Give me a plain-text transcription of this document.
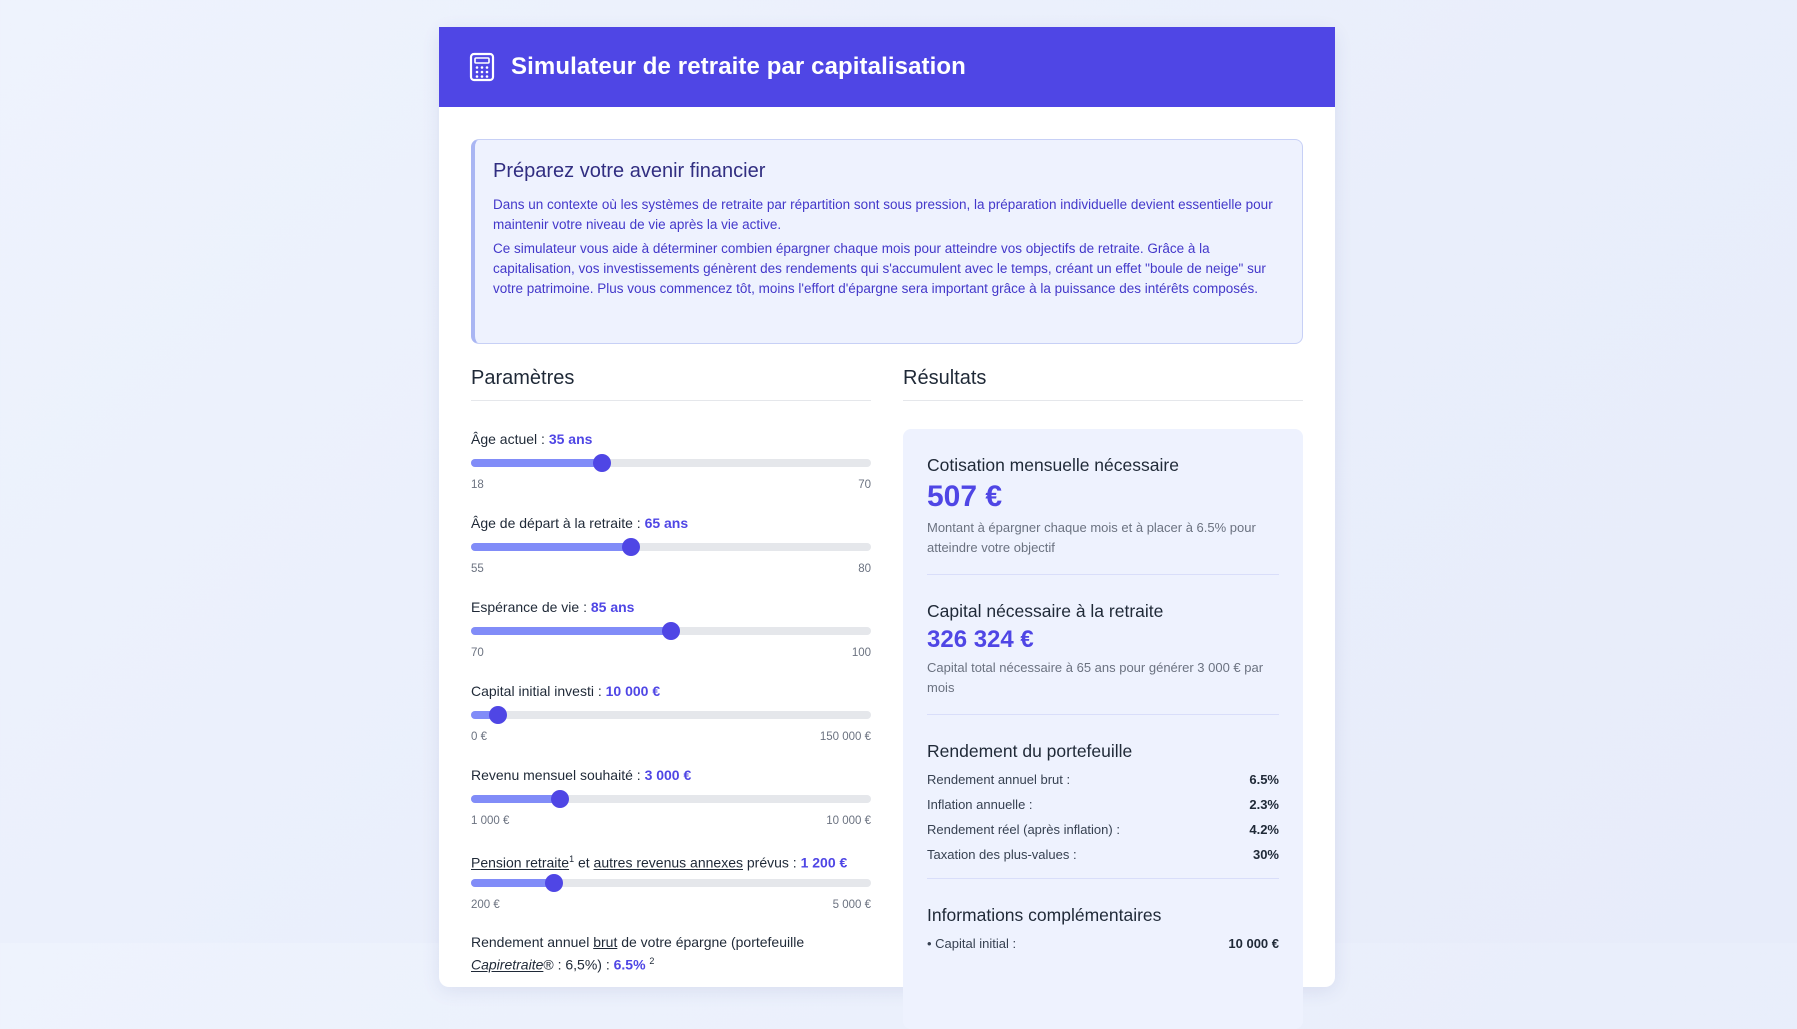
Simulateur de retraite par capitalisation
Préparez votre avenir financier

Dans un contexte où les systèmes de retraite par répartition sont sous pression, la préparation individuelle devient essentielle pour maintenir votre niveau de vie après la vie active.

Ce simulateur vous aide à déterminer combien épargner chaque mois pour atteindre vos objectifs de retraite. Grâce à la capitalisation, vos investissements génèrent des rendements qui s'accumulent avec le temps, créant un effet "boule de neige" sur votre patrimoine. Plus vous commencez tôt, moins l'effort d'épargne sera important grâce à la puissance des intérêts composés.

Paramètres
Âge actuel : 35 ans
18	70
Âge de départ à la retraite : 65 ans
55	80
Espérance de vie : 85 ans
70	100
Capital initial investi : 10 000 €
0 €	150 000 €
Revenu mensuel souhaité : 3 000 €
1 000 €	10 000 €
Pension retraite$^1$ et autres revenus annexes prévus : 1 200 €
200 €	5 000 €
Rendement annuel brut de votre épargne (portefeuille
Capiretraite® : 6,5%) : 6.5% $^2$
Résultats
Cotisation mensuelle nécessaire
507 €
Montant à épargner chaque mois et à placer à 6.5% pour atteindre votre objectif
Capital nécessaire à la retraite
326 324 €
Capital total nécessaire à 65 ans pour générer 3 000 € par mois
Rendement du portefeuille
Rendement annuel brut :	6.5%
Inflation annuelle :	2.3%
Rendement réel (après inflation) :	4.2%
Taxation des plus-values :	30%
Informations complémentaires
• Capital initial :	10 000 €
